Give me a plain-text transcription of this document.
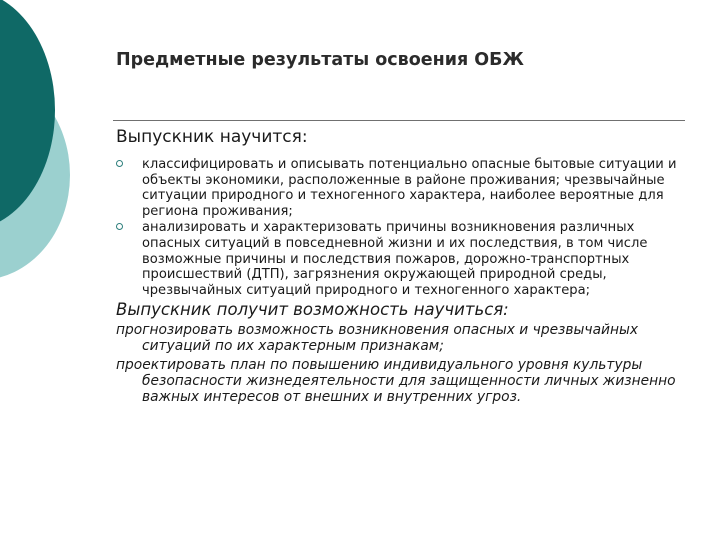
Предметные результаты освоения ОБЖ
Выпускник научится:
классифицировать и описывать потенциально опасные бытовые ситуации и объекты экономики, расположенные в районе проживания; чрезвычайные ситуации природного и техногенного характера, наиболее вероятные для региона проживания;
анализировать и характеризовать причины возникновения различных опасных ситуаций в повседневной жизни и их последствия, в том числе возможные причины и последствия пожаров, дорожно-транспортных происшествий (ДТП), загрязнения окружающей природной среды, чрезвычайных ситуаций природного и техногенного характера;
Выпускник получит возможность научиться:

прогнозировать возможность возникновения опасных и чрезвычайных ситуаций по их характерным признакам;

проектировать план по повышению индивидуального уровня культуры безопасности жизнедеятельности для защищенности личных жизненно важных интересов от внешних и внутренних угроз.
